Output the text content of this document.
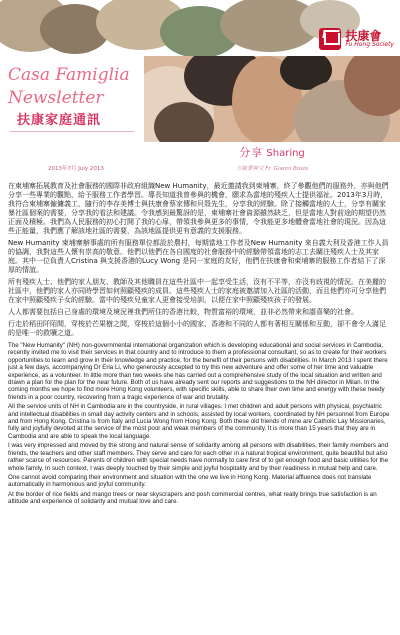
扶康會
Fu Hong Society
Casa Famiglia
Newsletter
扶康家庭通訊
2013年7月 July 2013
分享 Sharing
方敏華神父 Fr. Gianni Bosio

在柬埔寨拓展教育及社會服務的國際非政府組織New Humanity，最近邀請我到柬埔寨，終了參觀他們的服務外，亦與他們分享一些專業的觀點，給予服務工作者學習。導長知道我曾參與的機會，願求為當地的殘疾人士提供福祉。2013年3月時，我符合柬埔寨僱傭義工，隨行的李存美博士與扶康會蔡家傳和貝殼先生，分享我的經驗。除了接觸當地的人士，分享有關家暴社區個案的需要，分享我的看法和建議。令我感到最驚訝的是，柬埔寨社會資源雖然缺乏，但是當地人對前途的期望仍然正面及積極。我們為人民服務的初心打開了我的心扉，帶領我參與更多的事情，令我能更多地體會當地社會的現況。因為這些正能量，我們應了解該地社區的需要，為該地區提供更有意義的支援服務。

New Humanity 柬埔寨辦事處的所有服務單位都設於農村，每期當地工作者及New Humanity 來自義大利及香港工作人員的協調，我對這些人懷有崇高的敬意。他們以他們在各自國度的社會服務中的經驗帶領當地的志工去關注殘疾人士及其家庭。其中一位負責人Cristina 與支援香港的Lucy Wong 是同一家庭的友好，他們在扶康會和柬埔寨的服務工作者結下了深厚的情誼。

所有殘疾人士、他們的家人朋友、教師及其他職員在這些社區中一起享受生活，沒有不平等，亦沒有歧視的情況。在美麗的社區中，他們的家人亦同時學習如何照顧殘疾的成員。這些殘疾人士的家庭被邀請加入社區的活動，而且他們亦可分享他們在家中照顧殘疾子女的經驗。當中的殘疾兒童家人更會接受培訓，以便在家中照顧殘疾孩子的發展。

人人都需要包括自己身處的環境及境況裡我們所住的香港比較，物質富裕的環境，並非必然帶來和諧喜樂的社會。

行走於稻田阡陌間，穿梭於芒果樹之間，穿梭於這個小小的國家、香港和不同的人都有著相互關係和互動，卻不會令人滿足的是唯一的救贖之道。

The "New Humanity" (NH) non-governmental international organization which is developing educational and social services in Cambodia, recently invited me to visit their services in that country and to introduce to them a professional consultant, so as to create for their workers opportunities to learn and grow in their knowledge and practice, for the benefit of their persons with disabilities. In March 2013 I spent there just a few days, accompanying Dr Eria Li, who generously accepted to try this new adventure and offer some of her time and valuable experience, as a volunteer. In little more than two weeks she has carried out a comprehensive study of the local situation and written and drawn a plan for the plan for the near future. Both of us have already sent our reports and suggestions to the NH director in Milan. In the coming months we hope to find more Hong Kong volunteers, with specific skills, able to share their own time and energy with these needy friends in a poor country, recovering from a tragic experience of war and brutality.

All the service units of NH in Cambodia are in the countryside, in rural villages. I met children and adult persons with physical, psychiatric and intellectual disabilities in small day activity centers and in schools, assisted by local workers, coordinated by NH personnel from Europe and from Hong Kong. Cristina is from Italy and Lucia Wong from Hong Kong. Both these old friends of mine are Catholic Lay Missionaries, fully and joyfully devoted at the service of the most poor and weak members of the community. It is more than 15 years that they are in Cambodia and are able to speak the local language.

I was very impressed and moved by the strong and natural sense of solidarity among all persons with disabilities, their family members and friends, the teachers and other staff members. They serve and care for each other in a natural tropical environment, quite beautiful but also rather scarce of resources. Parents of children with special needs have normally to care first of to get enough food and basic utilities for the whole family. In such context, I was deeply touched by their simple and joyful hospitality and by their readiness in mutual help and care.

One cannot avoid comparing their environment and situation with the one we live in Hong Kong. Material affluence does not translate automatically in harmonious and joyful community.

At the border of rice fields and mango trees or near skyscrapers and posh commercial centres, what really brings true satisfaction is an attitude and experience of solidarity and mutual love and care.
